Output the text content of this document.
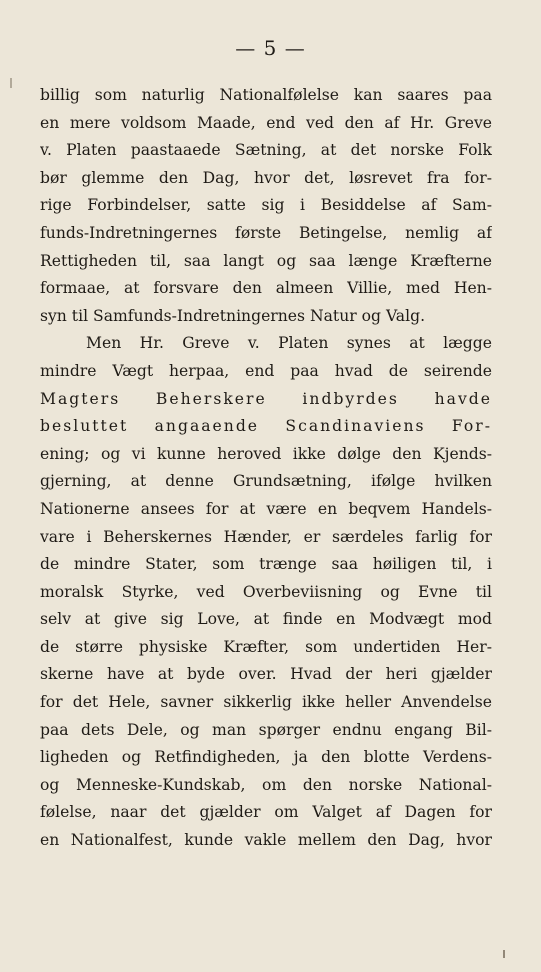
— 5 —
billig som naturlig Nationalfølelse kan saares paa
en mere voldsom Maade, end ved den af Hr. Greve
v. Platen paastaaede Sætning, at det norske Folk
bør glemme den Dag, hvor det, løsrevet fra for-
rige Forbindelser, satte sig i Besiddelse af Sam-
funds-Indretningernes første Betingelse, nemlig af
Rettigheden til, saa langt og saa længe Kræfterne
formaae, at forsvare den almeen Villie, med Hen-
syn til Samfunds-Indretningernes Natur og Valg.
Men Hr. Greve v. Platen synes at lægge
mindre Vægt herpaa, end paa hvad de seirende
Magters Beherskere indbyrdes havde
besluttet angaaende Scandinaviens For-
ening; og vi kunne heroved ikke dølge den Kjends-
gjerning, at denne Grundsætning, ifølge hvilken
Nationerne ansees for at være en beqvem Handels-
vare i Beherskernes Hænder, er særdeles farlig for
de mindre Stater, som trænge saa høiligen til, i
moralsk Styrke, ved Overbeviisning og Evne til
selv at give sig Love, at finde en Modvægt mod
de større physiske Kræfter, som undertiden Her-
skerne have at byde over. Hvad der heri gjælder
for det Hele, savner sikkerlig ikke heller Anvendelse
paa dets Dele, og man spørger endnu engang Bil-
ligheden og Retfindigheden, ja den blotte Verdens-
og Menneske-Kundskab, om den norske National-
følelse, naar det gjælder om Valget af Dagen for
en Nationalfest, kunde vakle mellem den Dag, hvor
